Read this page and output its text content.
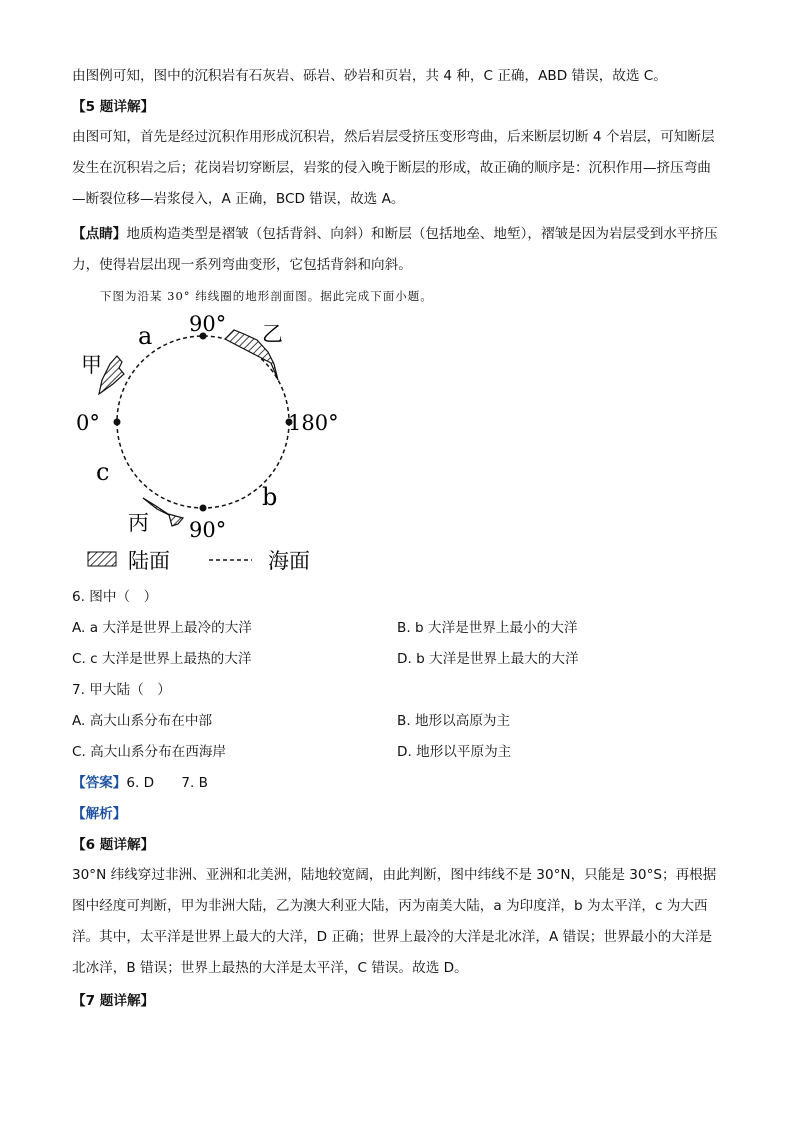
由图例可知，图中的沉积岩有石灰岩、砾岩、砂岩和页岩，共 4 种，C 正确，ABD 错误，故选 C。
【5 题详解】
由图可知，首先是经过沉积作用形成沉积岩，然后岩层受挤压变形弯曲，后来断层切断 4 个岩层，可知断层发生在沉积岩之后；花岗岩切穿断层，岩浆的侵入晚于断层的形成，故正确的顺序是：沉积作用—挤压弯曲—断裂位移—岩浆侵入，A 正确，BCD 错误，故选 A。
【点睛】地质构造类型是褶皱（包括背斜、向斜）和断层（包括地垒、地堑），褶皱是因为岩层受到水平挤压力，使得岩层出现一系列弯曲变形，它包括背斜和向斜。
下图为沿某 30° 纬线圈的地形剖面图。据此完成下面小题。
90°
90°
0°	180°
a
b
c
甲
乙
丙
陆面	海面
6. 图中（　）
A. a 大洋是世界上最冷的大洋	B. b 大洋是世界上最小的大洋
C. c 大洋是世界上最热的大洋	D. b 大洋是世界上最大的大洋
7. 甲大陆（　）
A. 高大山系分布在中部	B. 地形以高原为主
C. 高大山系分布在西海岸	D. 地形以平原为主
【答案】6. D　　7. B
【解析】
【6 题详解】
30°N 纬线穿过非洲、亚洲和北美洲，陆地较宽阔，由此判断，图中纬线不是 30°N，只能是 30°S；再根据图中经度可判断，甲为非洲大陆，乙为澳大利亚大陆，丙为南美大陆，a 为印度洋，b 为太平洋，c 为大西洋。其中，太平洋是世界上最大的大洋，D 正确；世界上最冷的大洋是北冰洋，A 错误；世界最小的大洋是北冰洋，B 错误；世界上最热的大洋是太平洋，C 错误。故选 D。
【7 题详解】
